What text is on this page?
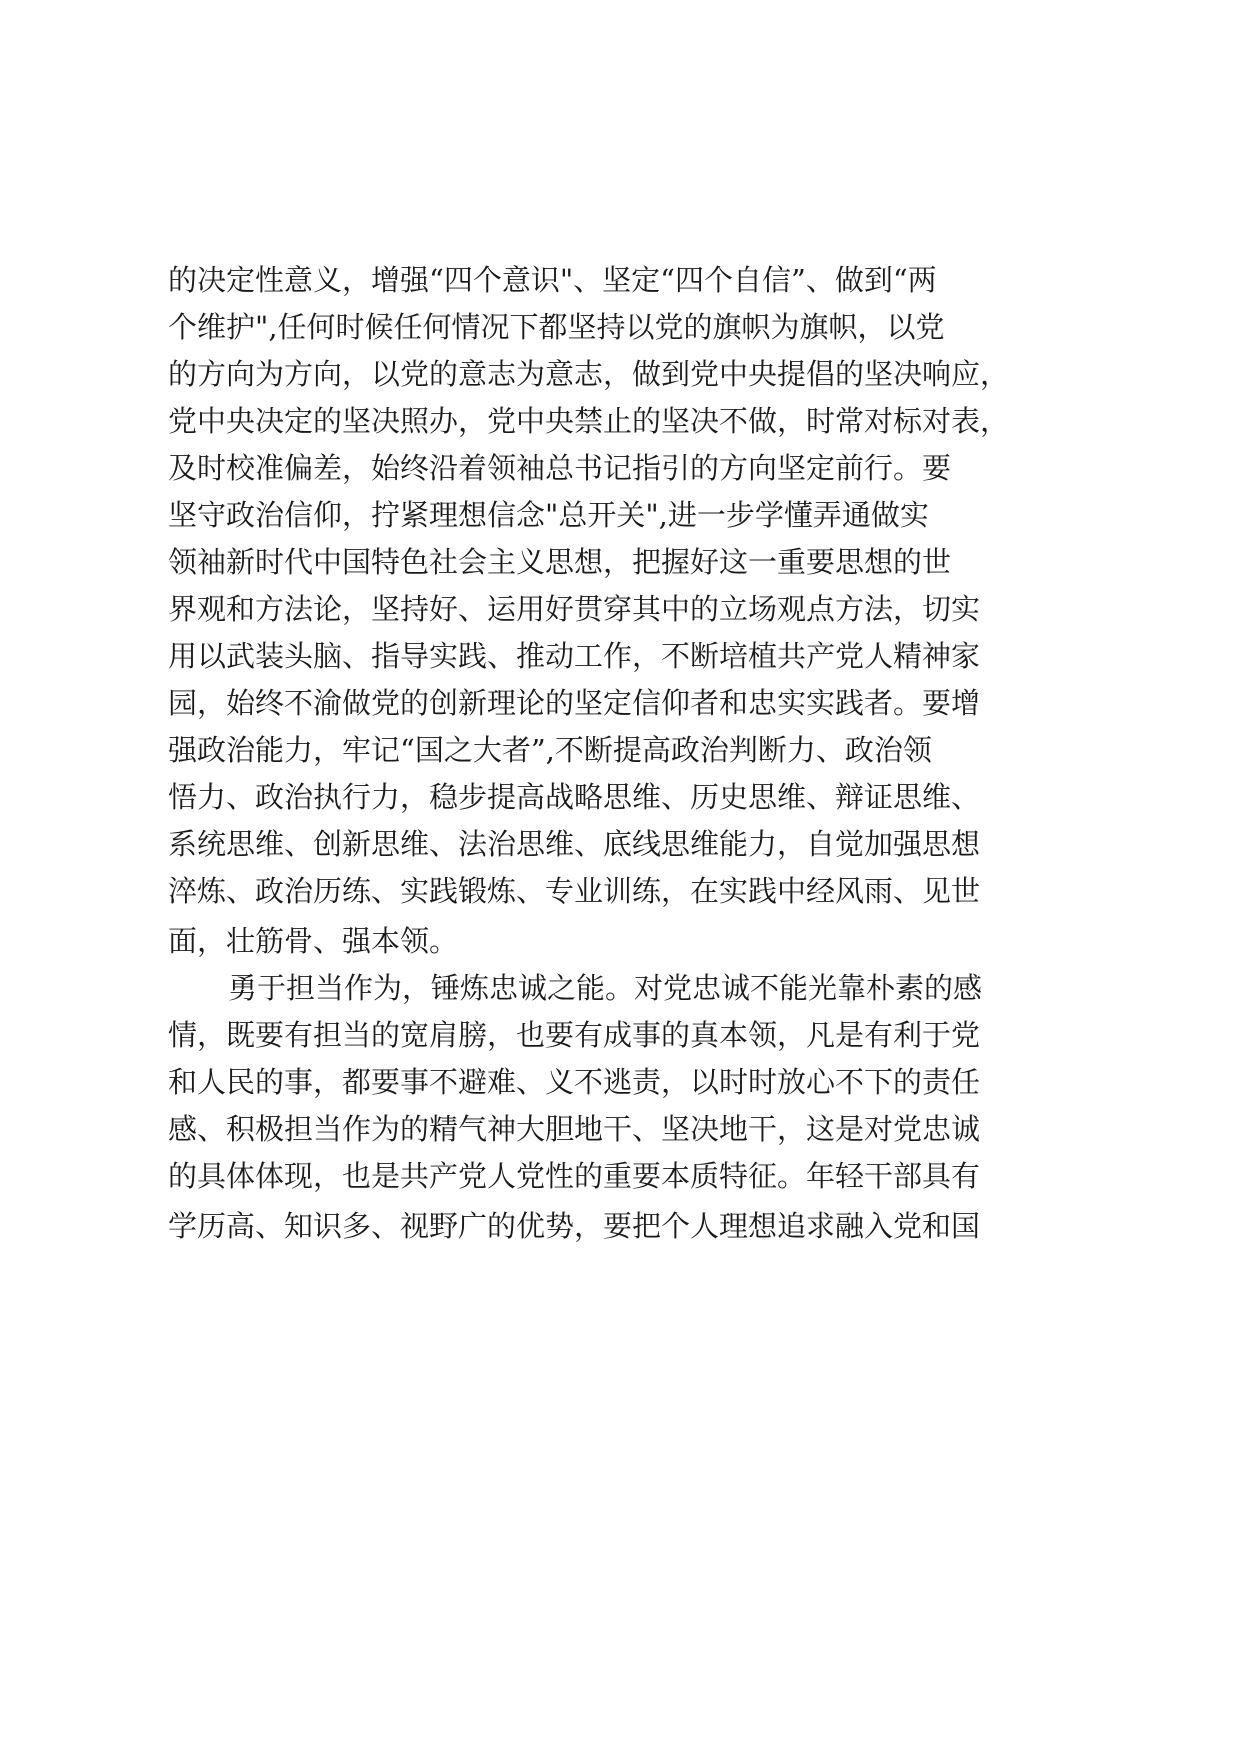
的决定性意义，增强“四个意识"、坚定“四个自信”、做到“两
个维护",任何时候任何情况下都坚持以党的旗帜为旗帜，以党
的方向为方向，以党的意志为意志，做到党中央提倡的坚决响应，
党中央决定的坚决照办，党中央禁止的坚决不做，时常对标对表，
及时校准偏差，始终沿着领袖总书记指引的方向坚定前行。要
坚守政治信仰，拧紧理想信念"总开关",进一步学懂弄通做实
领袖新时代中国特色社会主义思想，把握好这一重要思想的世
界观和方法论，坚持好、运用好贯穿其中的立场观点方法，切实
用以武装头脑、指导实践、推动工作，不断培植共产党人精神家
园，始终不渝做党的创新理论的坚定信仰者和忠实实践者。要增
强政治能力，牢记“国之大者”,不断提高政治判断力、政治领
悟力、政治执行力，稳步提高战略思维、历史思维、辩证思维、
系统思维、创新思维、法治思维、底线思维能力，自觉加强思想
淬炼、政治历练、实践锻炼、专业训练，在实践中经风雨、见世
面，壮筋骨、强本领。
勇于担当作为，锤炼忠诚之能。对党忠诚不能光靠朴素的感
情，既要有担当的宽肩膀，也要有成事的真本领，凡是有利于党
和人民的事，都要事不避难、义不逃责，以时时放心不下的责任
感、积极担当作为的精气神大胆地干、坚决地干，这是对党忠诚
的具体体现，也是共产党人党性的重要本质特征。年轻干部具有
学历高、知识多、视野广的优势，要把个人理想追求融入党和国
